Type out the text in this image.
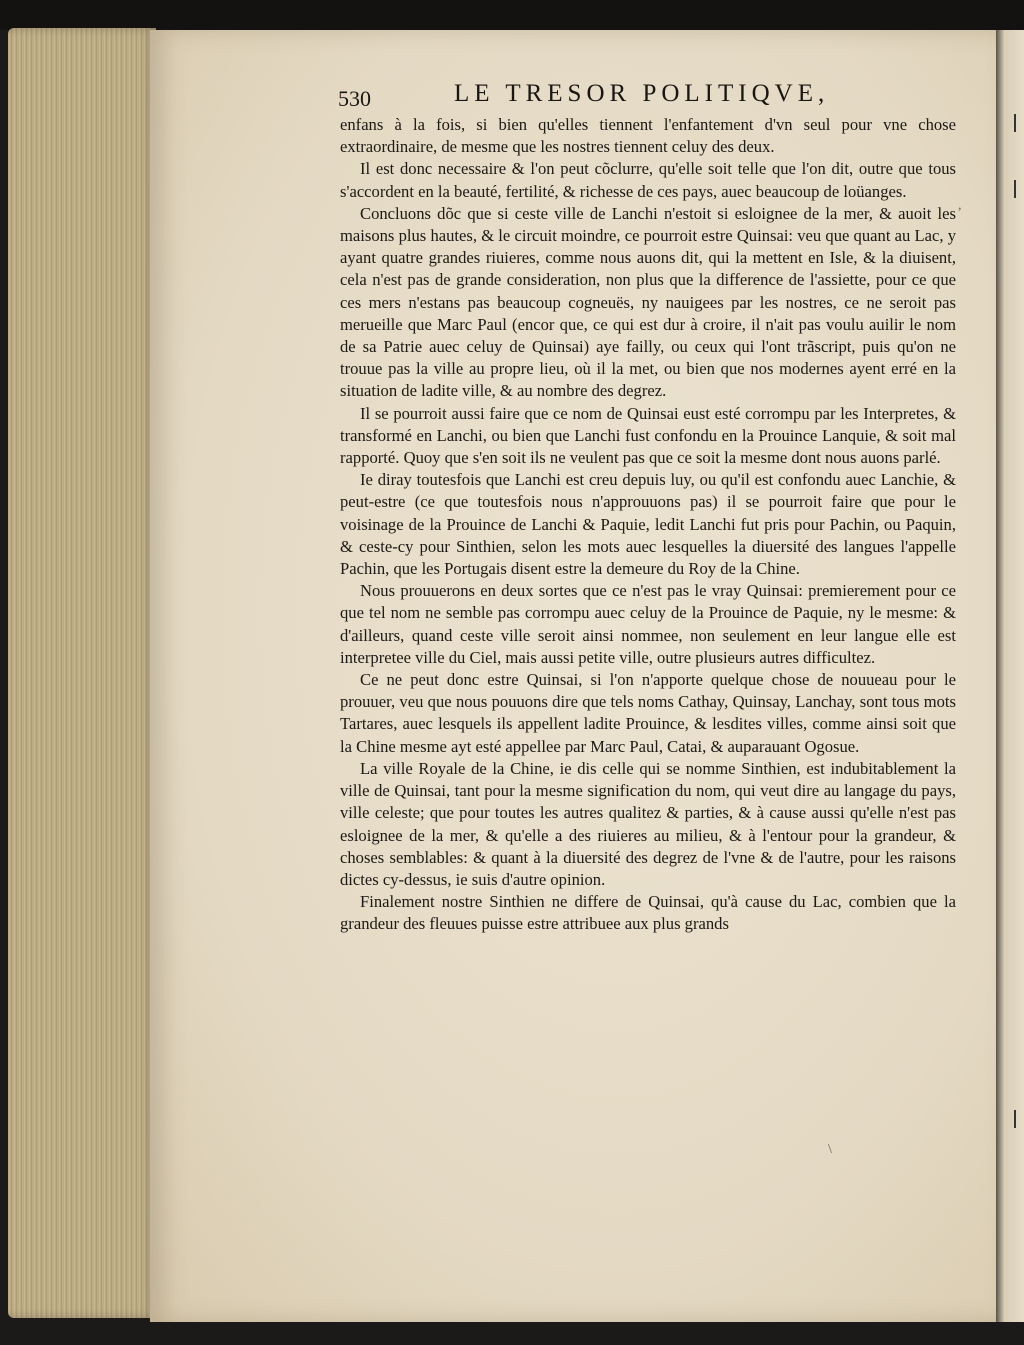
530	LE TRESOR POLITIQVE,

enfans à la fois, si bien qu'elles tiennent l'enfantement d'vn seul pour vne chose extraordinaire, de mesme que les nostres tiennent celuy des deux.

Il est donc necessaire & l'on peut cõclurre, qu'elle soit telle que l'on dit, outre que tous s'accordent en la beauté, fertilité, & richesse de ces pays, auec beaucoup de loüanges.

Concluons dõc que si ceste ville de Lanchi n'estoit si esloignee de la mer, & auoit les maisons plus hautes, & le circuit moindre, ce pourroit estre Quinsai: veu que quant au Lac, y ayant quatre grandes riuieres, comme nous auons dit, qui la mettent en Isle, & la diuisent, cela n'est pas de grande consideration, non plus que la difference de l'assiette, pour ce que ces mers n'estans pas beaucoup cogneuës, ny nauigees par les nostres, ce ne seroit pas merueille que Marc Paul (encor que, ce qui est dur à croire, il n'ait pas voulu auilir le nom de sa Patrie auec celuy de Quinsai) aye failly, ou ceux qui l'ont trãscript, puis qu'on ne trouue pas la ville au propre lieu, où il la met, ou bien que nos modernes ayent erré en la situation de ladite ville, & au nombre des degrez.

Il se pourroit aussi faire que ce nom de Quinsai eust esté corrompu par les Interpretes, & transformé en Lanchi, ou bien que Lanchi fust confondu en la Prouince Lanquie, & soit mal rapporté. Quoy que s'en soit ils ne veulent pas que ce soit la mesme dont nous auons parlé.

Ie diray toutesfois que Lanchi est creu depuis luy, ou qu'il est confondu auec Lanchie, & peut-estre (ce que toutesfois nous n'approuuons pas) il se pourroit faire que pour le voisinage de la Prouince de Lanchi & Paquie, ledit Lanchi fut pris pour Pachin, ou Paquin, & ceste-cy pour Sinthien, selon les mots auec lesquelles la diuersité des langues l'appelle Pachin, que les Portugais disent estre la demeure du Roy de la Chine.

Nous prouuerons en deux sortes que ce n'est pas le vray Quinsai: premierement pour ce que tel nom ne semble pas corrompu auec celuy de la Prouince de Paquie, ny le mesme: & d'ailleurs, quand ceste ville seroit ainsi nommee, non seulement en leur langue elle est interpretee ville du Ciel, mais aussi petite ville, outre plusieurs autres difficultez.

Ce ne peut donc estre Quinsai, si l'on n'apporte quelque chose de nouueau pour le prouuer, veu que nous pouuons dire que tels noms Cathay, Quinsay, Lanchay, sont tous mots Tartares, auec lesquels ils appellent ladite Prouince, & lesdites villes, comme ainsi soit que la Chine mesme ayt esté appellee par Marc Paul, Catai, & auparauant Ogosue.

La ville Royale de la Chine, ie dis celle qui se nomme Sinthien, est indubitablement la ville de Quinsai, tant pour la mesme signification du nom, qui veut dire au langage du pays, ville celeste; que pour toutes les autres qualitez & parties, & à cause aussi qu'elle n'est pas esloignee de la mer, & qu'elle a des riuieres au milieu, & à l'entour pour la grandeur, & choses semblables: & quant à la diuersité des degrez de l'vne & de l'autre, pour les raisons dictes cy-dessus, ie suis d'autre opinion.

Finalement nostre Sinthien ne differe de Quinsai, qu'à cause du Lac, combien que la grandeur des fleuues puisse estre attribuee aux plus grands

,
\
